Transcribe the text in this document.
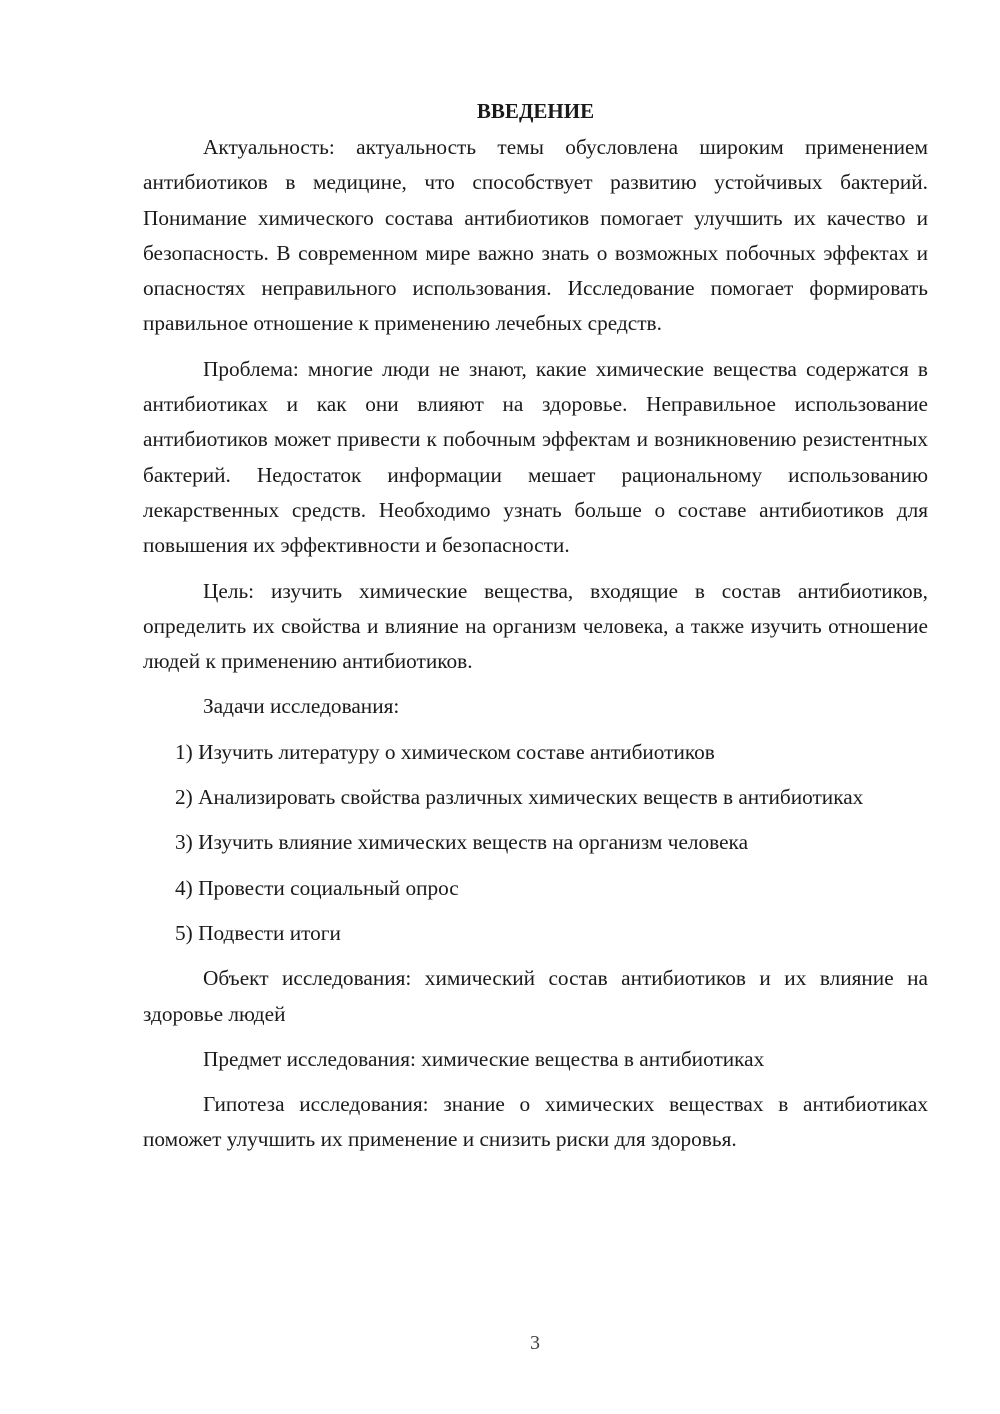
ВВЕДЕНИЕ

Актуальность: актуальность темы обусловлена широким применением антибиотиков в медицине, что способствует развитию устойчивых бактерий. Понимание химического состава антибиотиков помогает улучшить их качество и безопасность. В современном мире важно знать о возможных побочных эффектах и опасностях неправильного использования. Исследование помогает формировать правильное отношение к применению лечебных средств.

Проблема: многие люди не знают, какие химические вещества содержатся в антибиотиках и как они влияют на здоровье. Неправильное использование антибиотиков может привести к побочным эффектам и возникновению резистентных бактерий. Недостаток информации мешает рациональному использованию лекарственных средств. Необходимо узнать больше о составе антибиотиков для повышения их эффективности и безопасности.

Цель: изучить химические вещества, входящие в состав антибиотиков, определить их свойства и влияние на организм человека, а также изучить отношение людей к применению антибиотиков.

Задачи исследования:

1) Изучить литературу о химическом составе антибиотиков

2) Анализировать свойства различных химических веществ в антибиотиках

3) Изучить влияние химических веществ на организм человека

4) Провести социальный опрос

5) Подвести итоги

Объект исследования: химический состав антибиотиков и их влияние на здоровье людей

Предмет исследования: химические вещества в антибиотиках

Гипотеза исследования: знание о химических веществах в антибиотиках поможет улучшить их применение и снизить риски для здоровья.

3
